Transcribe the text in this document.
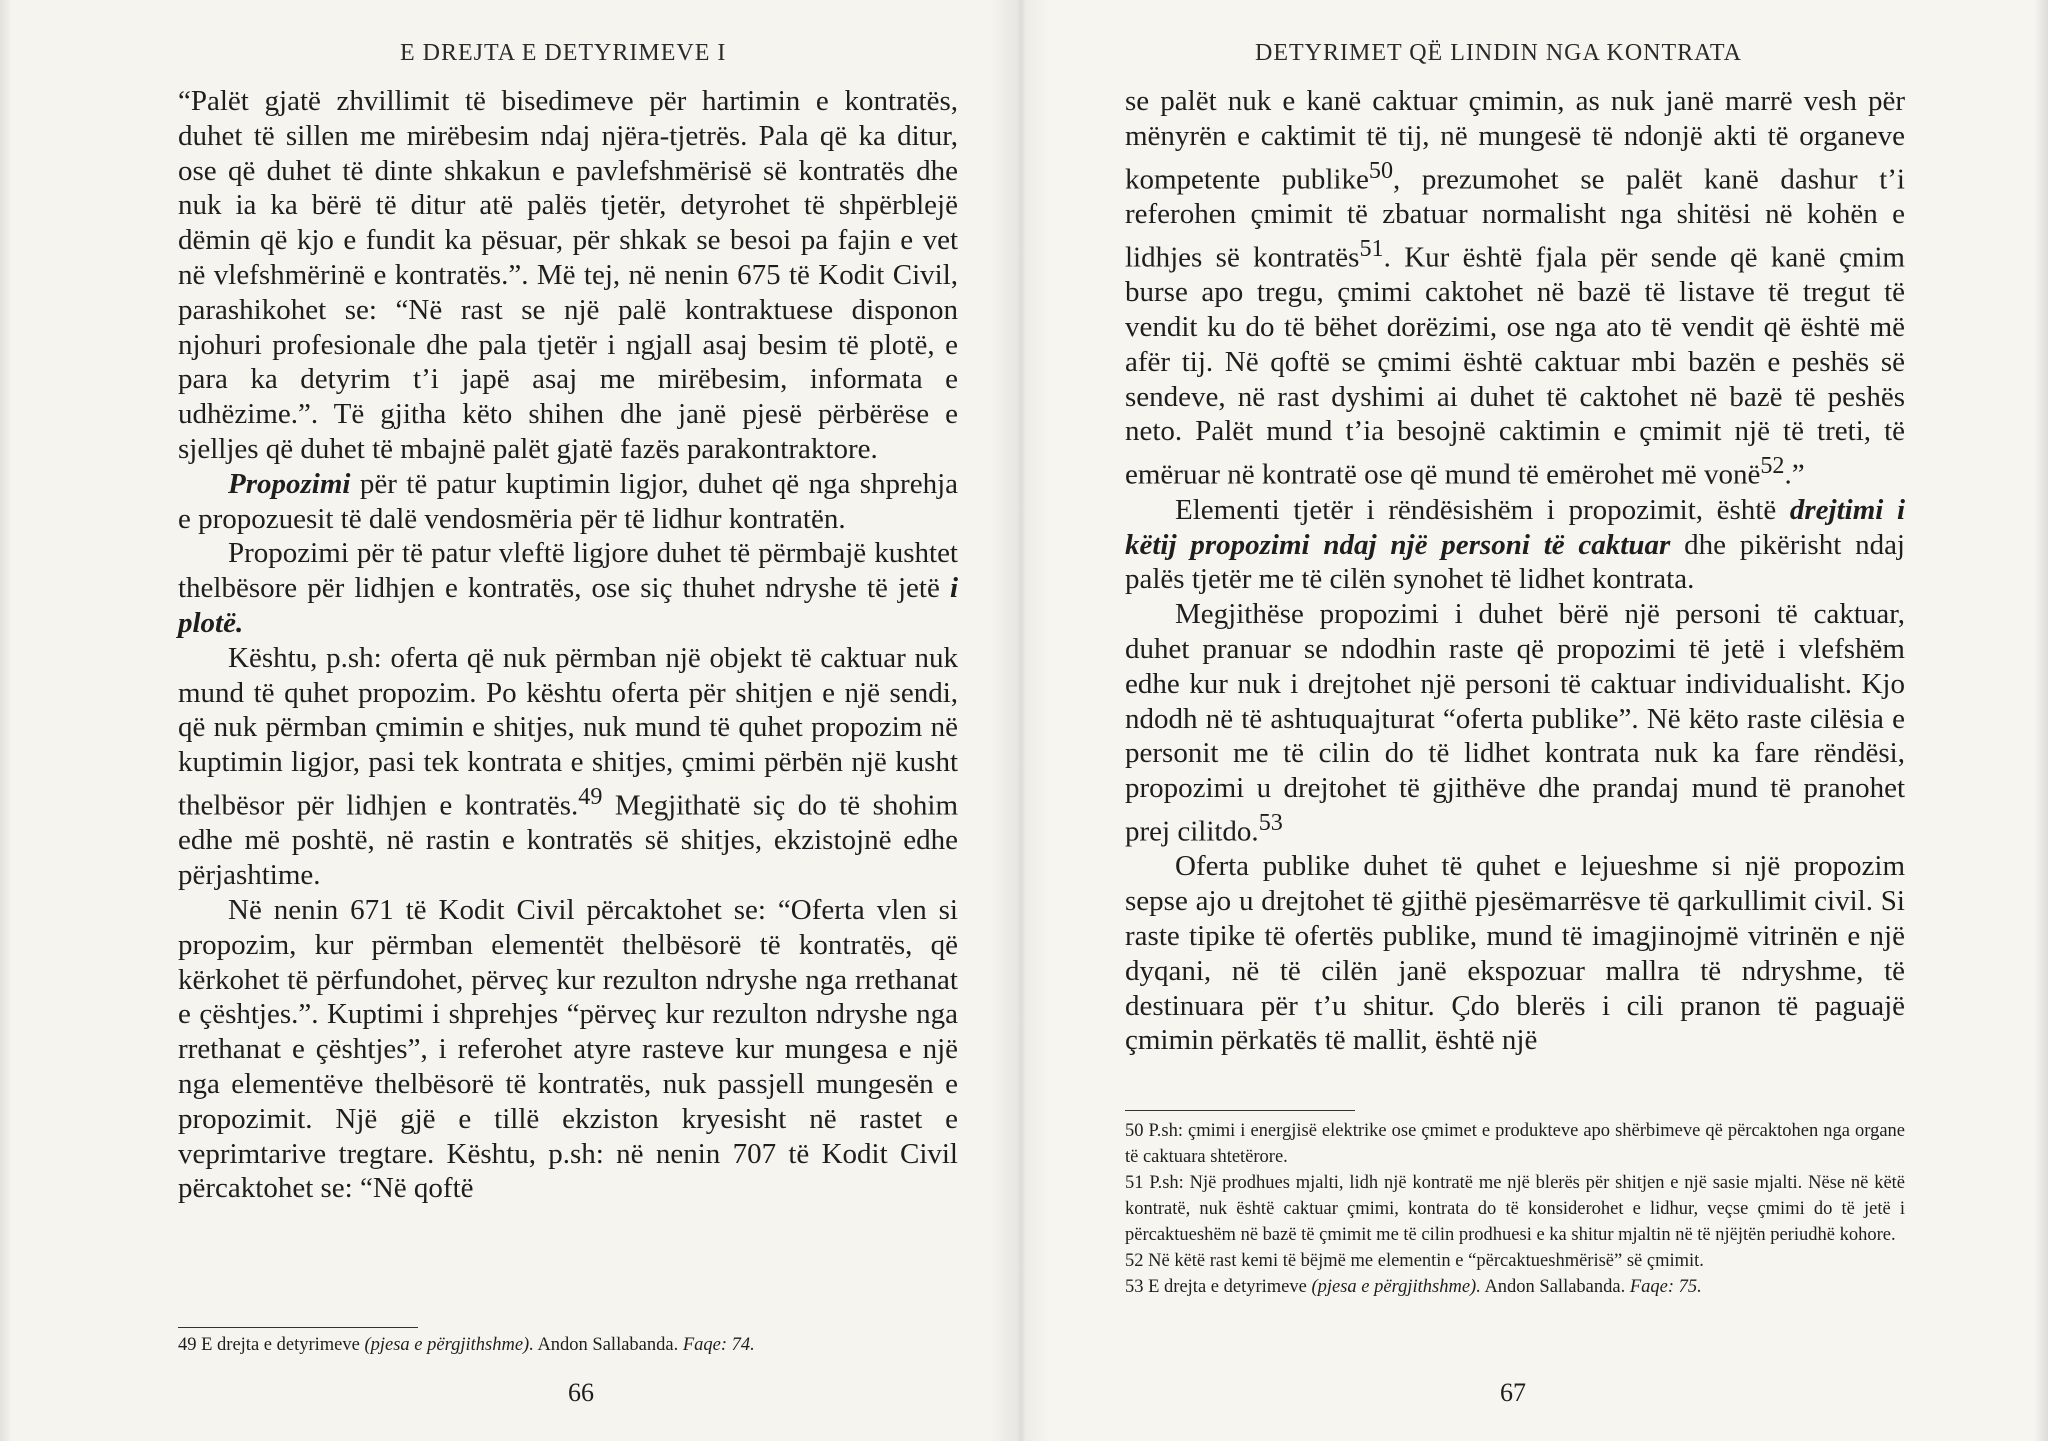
E DREJTA E DETYRIMEVE I

“Palët gjatë zhvillimit të bisedimeve për hartimin e kontratës, duhet të sillen me mirëbesim ndaj njëra-tjetrës. Pala që ka ditur, ose që duhet të dinte shkakun e pavlefshmërisë së kontratës dhe nuk ia ka bërë të ditur atë palës tjetër, detyrohet të shpërblejë dëmin që kjo e fundit ka pësuar, për shkak se besoi pa fajin e vet në vlefshmërinë e kontratës.”. Më tej, në nenin 675 të Kodit Civil, parashikohet se: “Në rast se një palë kontraktuese disponon njohuri profesionale dhe pala tjetër i ngjall asaj besim të plotë, e para ka detyrim t’i japë asaj me mirëbesim, informata e udhëzime.”. Të gjitha këto shihen dhe janë pjesë përbërëse e sjelljes që duhet të mbajnë palët gjatë fazës parakontraktore.

Propozimi për të patur kuptimin ligjor, duhet që nga shprehja e propozuesit të dalë vendosmëria për të lidhur kontratën.

Propozimi për të patur vleftë ligjore duhet të përmbajë kushtet thelbësore për lidhjen e kontratës, ose siç thuhet ndryshe të jetë i plotë.

Kështu, p.sh: oferta që nuk përmban një objekt të caktuar nuk mund të quhet propozim. Po kështu oferta për shitjen e një sendi, që nuk përmban çmimin e shitjes, nuk mund të quhet propozim në kuptimin ligjor, pasi tek kontrata e shitjes, çmimi përbën një kusht thelbësor për lidhjen e kontratës.$^{49}$ Megjithatë siç do të shohim edhe më poshtë, në rastin e kontratës së shitjes, ekzistojnë edhe përjashtime.

Në nenin 671 të Kodit Civil përcaktohet se: “Oferta vlen si propozim, kur përmban elementët thelbësorë të kontratës, që kërkohet të përfundohet, përveç kur rezulton ndryshe nga rrethanat e çështjes.”. Kuptimi i shprehjes “përveç kur rezulton ndryshe nga rrethanat e çështjes”, i referohet atyre rasteve kur mungesa e një nga elementëve thelbësorë të kontratës, nuk passjell mungesën e propozimit. Një gjë e tillë ekziston kryesisht në rastet e veprimtarive tregtare. Kështu, p.sh: në nenin 707 të Kodit Civil përcaktohet se: “Në qoftë

49 E drejta e detyrimeve (pjesa e përgjithshme). Andon Sallabanda. Faqe: 74.

66
DETYRIMET QË LINDIN NGA KONTRATA

se palët nuk e kanë caktuar çmimin, as nuk janë marrë vesh për mënyrën e caktimit të tij, në mungesë të ndonjë akti të organeve kompetente publike$^{50}$, prezumohet se palët kanë dashur t’i referohen çmimit të zbatuar normalisht nga shitësi në kohën e lidhjes së kontratës$^{51}$. Kur është fjala për sende që kanë çmim burse apo tregu, çmimi caktohet në bazë të listave të tregut të vendit ku do të bëhet dorëzimi, ose nga ato të vendit që është më afër tij. Në qoftë se çmimi është caktuar mbi bazën e peshës së sendeve, në rast dyshimi ai duhet të caktohet në bazë të peshës neto. Palët mund t’ia besojnë caktimin e çmimit një të treti, të emëruar në kontratë ose që mund të emërohet më vonë$^{52}$.”

Elementi tjetër i rëndësishëm i propozimit, është drejtimi i këtij propozimi ndaj një personi të caktuar dhe pikërisht ndaj palës tjetër me të cilën synohet të lidhet kontrata.

Megjithëse propozimi i duhet bërë një personi të caktuar, duhet pranuar se ndodhin raste që propozimi të jetë i vlefshëm edhe kur nuk i drejtohet një personi të caktuar individualisht. Kjo ndodh në të ashtuquajturat “oferta publike”. Në këto raste cilësia e personit me të cilin do të lidhet kontrata nuk ka fare rëndësi, propozimi u drejtohet të gjithëve dhe prandaj mund të pranohet prej cilitdo.$^{53}$

Oferta publike duhet të quhet e lejueshme si një propozim sepse ajo u drejtohet të gjithë pjesëmarrësve të qarkullimit civil. Si raste tipike të ofertës publike, mund të imagjinojmë vitrinën e një dyqani, në të cilën janë ekspozuar mallra të ndryshme, të destinuara për t’u shitur. Çdo blerës i cili pranon të paguajë çmimin përkatës të mallit, është një

50 P.sh: çmimi i energjisë elektrike ose çmimet e produkteve apo shërbimeve që përcaktohen nga organe të caktuara shtetërore.

51 P.sh: Një prodhues mjalti, lidh një kontratë me një blerës për shitjen e një sasie mjalti. Nëse në këtë kontratë, nuk është caktuar çmimi, kontrata do të konsiderohet e lidhur, veçse çmimi do të jetë i përcaktueshëm në bazë të çmimit me të cilin prodhuesi e ka shitur mjaltin në të njëjtën periudhë kohore.

52 Në këtë rast kemi të bëjmë me elementin e “përcaktueshmërisë” së çmimit.

53 E drejta e detyrimeve (pjesa e përgjithshme). Andon Sallabanda. Faqe: 75.

67
